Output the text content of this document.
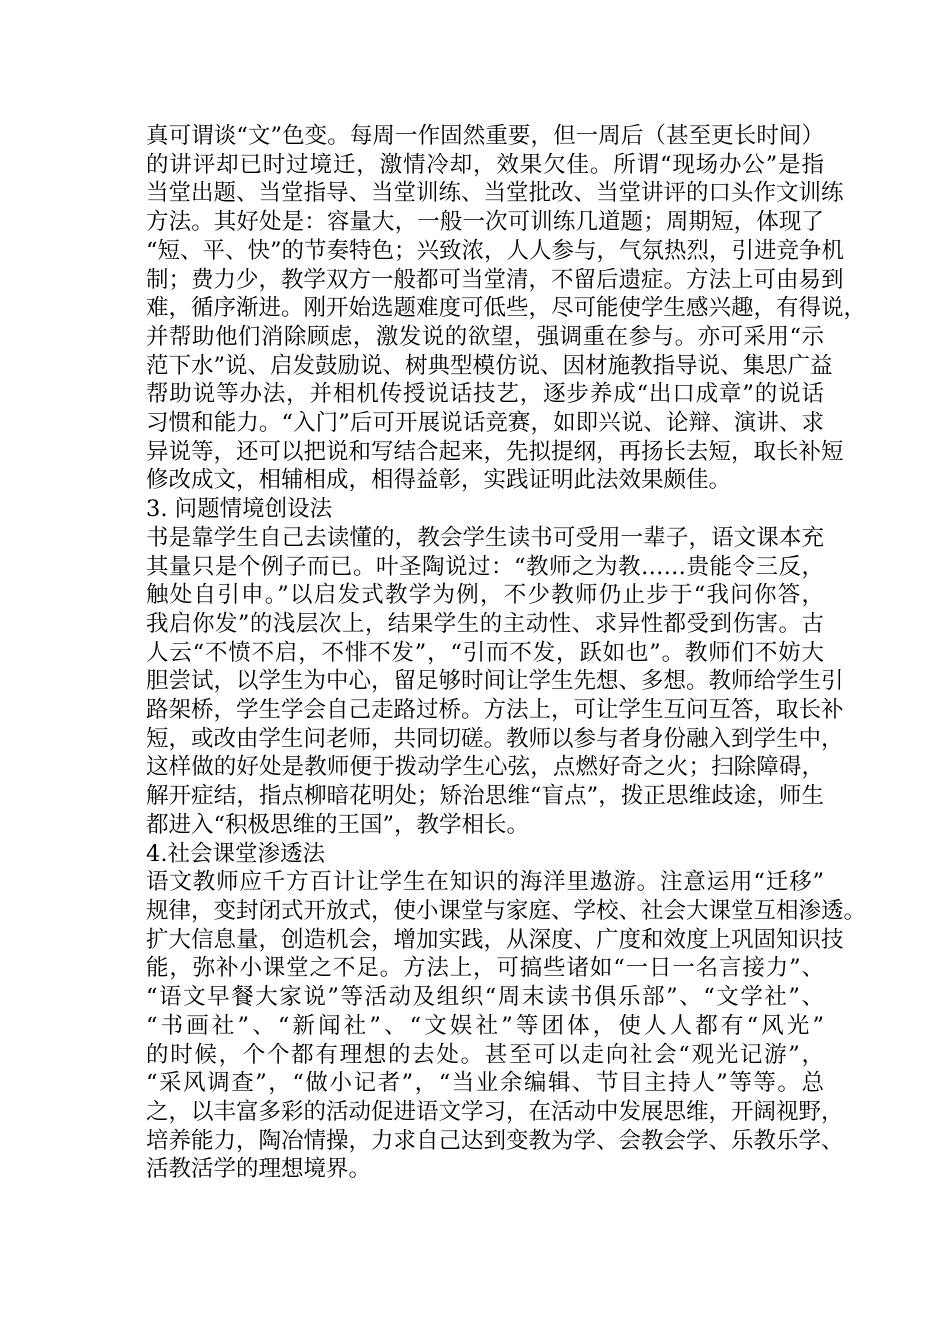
真可谓谈“文”色变。每周一作固然重要，但一周后（甚至更长时间）
的讲评却已时过境迁，激情冷却，效果欠佳。所谓“现场办公”是指
当堂出题、当堂指导、当堂训练、当堂批改、当堂讲评的口头作文训练
方法。其好处是：容量大，一般一次可训练几道题；周期短，体现了
“短、平、快”的节奏特色；兴致浓，人人参与，气氛热烈，引进竞争机
制；费力少，教学双方一般都可当堂清，不留后遗症。方法上可由易到
难，循序渐进。刚开始选题难度可低些，尽可能使学生感兴趣，有得说，
并帮助他们消除顾虑，激发说的欲望，强调重在参与。亦可采用“示
范下水”说、启发鼓励说、树典型模仿说、因材施教指导说、集思广益
帮助说等办法，并相机传授说话技艺，逐步养成“出口成章”的说话
习惯和能力。“入门”后可开展说话竞赛，如即兴说、论辩、演讲、求
异说等，还可以把说和写结合起来，先拟提纲，再扬长去短，取长补短
修改成文，相辅相成，相得益彰，实践证明此法效果颇佳。
3. 问题情境创设法
书是靠学生自己去读懂的，教会学生读书可受用一辈子，语文课本充
其量只是个例子而已。叶圣陶说过：“教师之为教……贵能令三反，
触处自引申。”以启发式教学为例，不少教师仍止步于“我问你答，
我启你发”的浅层次上，结果学生的主动性、求异性都受到伤害。古
人云“不愤不启，不悱不发”，“引而不发，跃如也”。教师们不妨大
胆尝试，以学生为中心，留足够时间让学生先想、多想。教师给学生引
路架桥，学生学会自己走路过桥。方法上，可让学生互问互答，取长补
短，或改由学生问老师，共同切磋。教师以参与者身份融入到学生中，
这样做的好处是教师便于拨动学生心弦，点燃好奇之火；扫除障碍，
解开症结，指点柳暗花明处；矫治思维“盲点”，拨正思维歧途，师生
都进入“积极思维的王国”，教学相长。
4.社会课堂渗透法
语文教师应千方百计让学生在知识的海洋里遨游。注意运用“迁移”
规律，变封闭式开放式，使小课堂与家庭、学校、社会大课堂互相渗透。
扩大信息量，创造机会，增加实践，从深度、广度和效度上巩固知识技
能，弥补小课堂之不足。方法上，可搞些诸如“一日一名言接力”、
“语文早餐大家说”等活动及组织“周末读书俱乐部”、“文学社”、
“书画社”、“新闻社”、“文娱社”等团体，使人人都有“风光”
的时候，个个都有理想的去处。甚至可以走向社会“观光记游”，
“采风调查”，“做小记者”，“当业余编辑、节目主持人”等等。总
之，以丰富多彩的活动促进语文学习，在活动中发展思维，开阔视野，
培养能力，陶冶情操，力求自己达到变教为学、会教会学、乐教乐学、
活教活学的理想境界。
